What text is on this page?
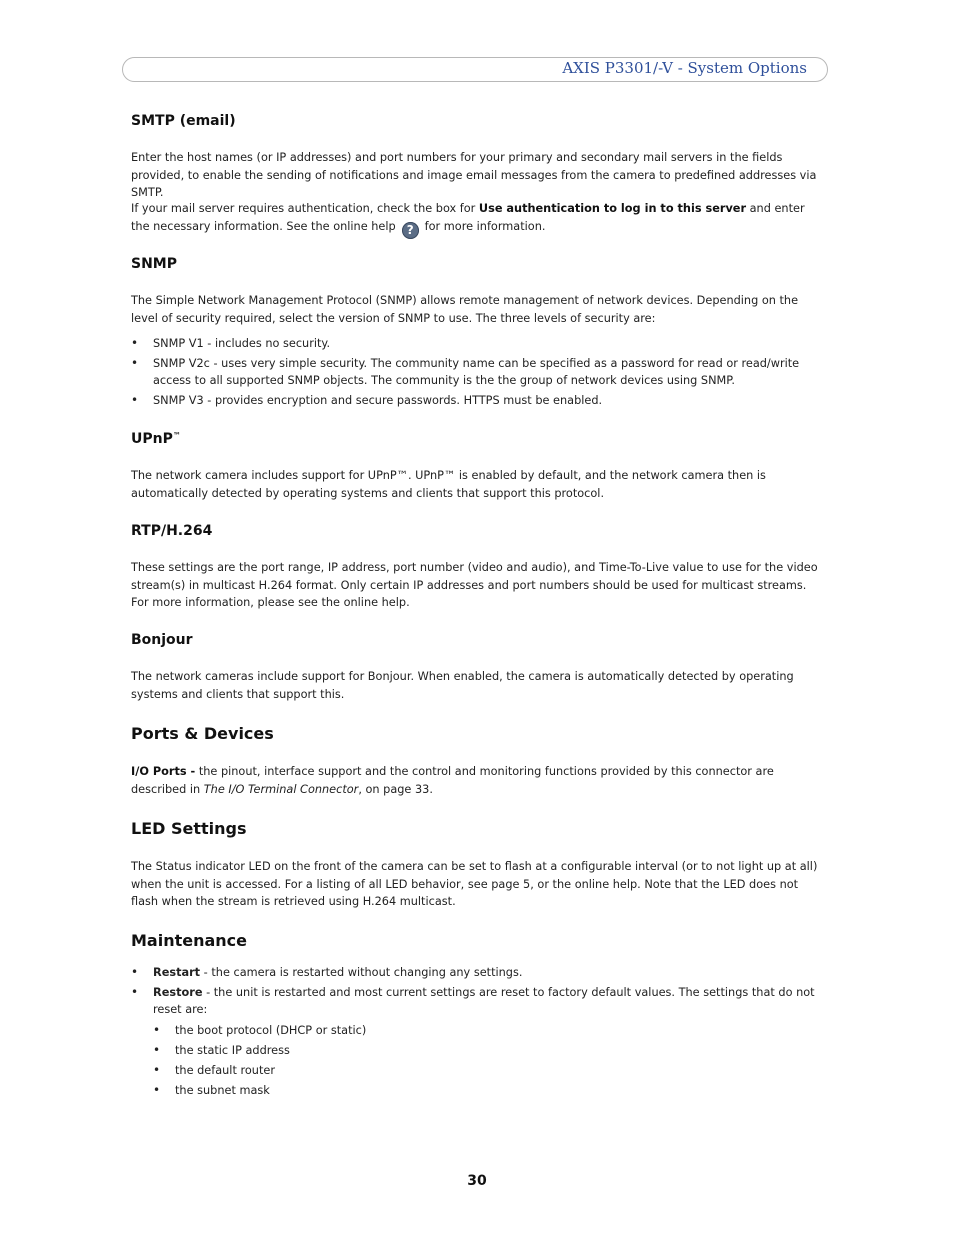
AXIS P3301/-V - System Options
SMTP (email)
Enter the host names (or IP addresses) and port numbers for your primary and secondary mail servers in the fields provided, to enable the sending of notifications and image email messages from the camera to predefined addresses via SMTP.
If your mail server requires authentication, check the box for Use authentication to log in to this server and enter the necessary information. See the online help ? for more information.
SNMP
The Simple Network Management Protocol (SNMP) allows remote management of network devices. Depending on the level of security required, select the version of SNMP to use. The three levels of security are:
• SNMP V1 - includes no security.
• SNMP V2c - uses very simple security. The community name can be specified as a password for read or read/write access to all supported SNMP objects. The community is the the group of network devices using SNMP.
• SNMP V3 - provides encryption and secure passwords. HTTPS must be enabled.
UPnP™
The network camera includes support for UPnP™. UPnP™ is enabled by default, and the network camera then is automatically detected by operating systems and clients that support this protocol.
RTP/H.264
These settings are the port range, IP address, port number (video and audio), and Time-To-Live value to use for the video stream(s) in multicast H.264 format. Only certain IP addresses and port numbers should be used for multicast streams. For more information, please see the online help.
Bonjour
The network cameras include support for Bonjour. When enabled, the camera is automatically detected by operating systems and clients that support this.
Ports & Devices
I/O Ports - the pinout, interface support and the control and monitoring functions provided by this connector are described in The I/O Terminal Connector, on page 33.
LED Settings
The Status indicator LED on the front of the camera can be set to flash at a configurable interval (or to not light up at all) when the unit is accessed. For a listing of all LED behavior, see page 5, or the online help. Note that the LED does not flash when the stream is retrieved using H.264 multicast.
Maintenance
• Restart - the camera is restarted without changing any settings.
• Restore - the unit is restarted and most current settings are reset to factory default values. The settings that do not reset are:
• the boot protocol (DHCP or static)
• the static IP address
• the default router
• the subnet mask
30
